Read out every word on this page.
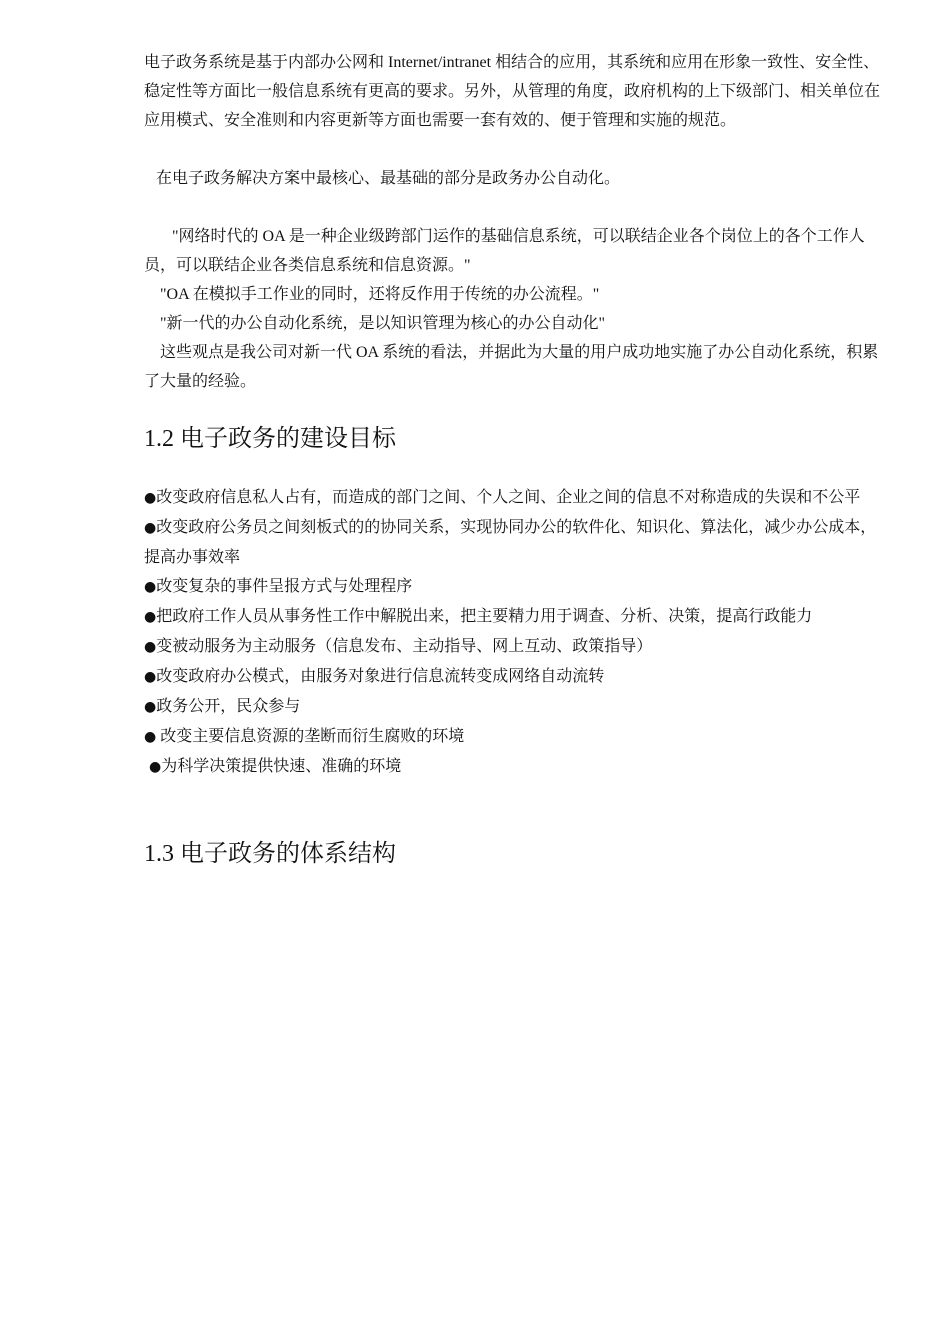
电子政务系统是基于内部办公网和 Internet/intranet 相结合的应用，其系统和应用在形象一致性、安全性、稳定性等方面比一般信息系统有更高的要求。另外，从管理的角度，政府机构的上下级部门、相关单位在应用模式、安全准则和内容更新等方面也需要一套有效的、便于管理和实施的规范。

在电子政务解决方案中最核心、最基础的部分是政务办公自动化。

"网络时代的 OA 是一种企业级跨部门运作的基础信息系统，可以联结企业各个岗位上的各个工作人员，可以联结企业各类信息系统和信息资源。"

"OA 在模拟手工作业的同时，还将反作用于传统的办公流程。"

"新一代的办公自动化系统，是以知识管理为核心的办公自动化"

这些观点是我公司对新一代 OA 系统的看法，并据此为大量的用户成功地实施了办公自动化系统，积累了大量的经验。

1.2 电子政务的建设目标
●改变政府信息私人占有，而造成的部门之间、个人之间、企业之间的信息不对称造成的失误和不公平
●改变政府公务员之间刻板式的的协同关系，实现协同办公的软件化、知识化、算法化，减少办公成本，提高办事效率
●改变复杂的事件呈报方式与处理程序
●把政府工作人员从事务性工作中解脱出来，把主要精力用于调查、分析、决策，提高行政能力
●变被动服务为主动服务（信息发布、主动指导、网上互动、政策指导）
●改变政府办公模式，由服务对象进行信息流转变成网络自动流转
●政务公开，民众参与
● 改变主要信息资源的垄断而衍生腐败的环境
●为科学决策提供快速、准确的环境
1.3 电子政务的体系结构
